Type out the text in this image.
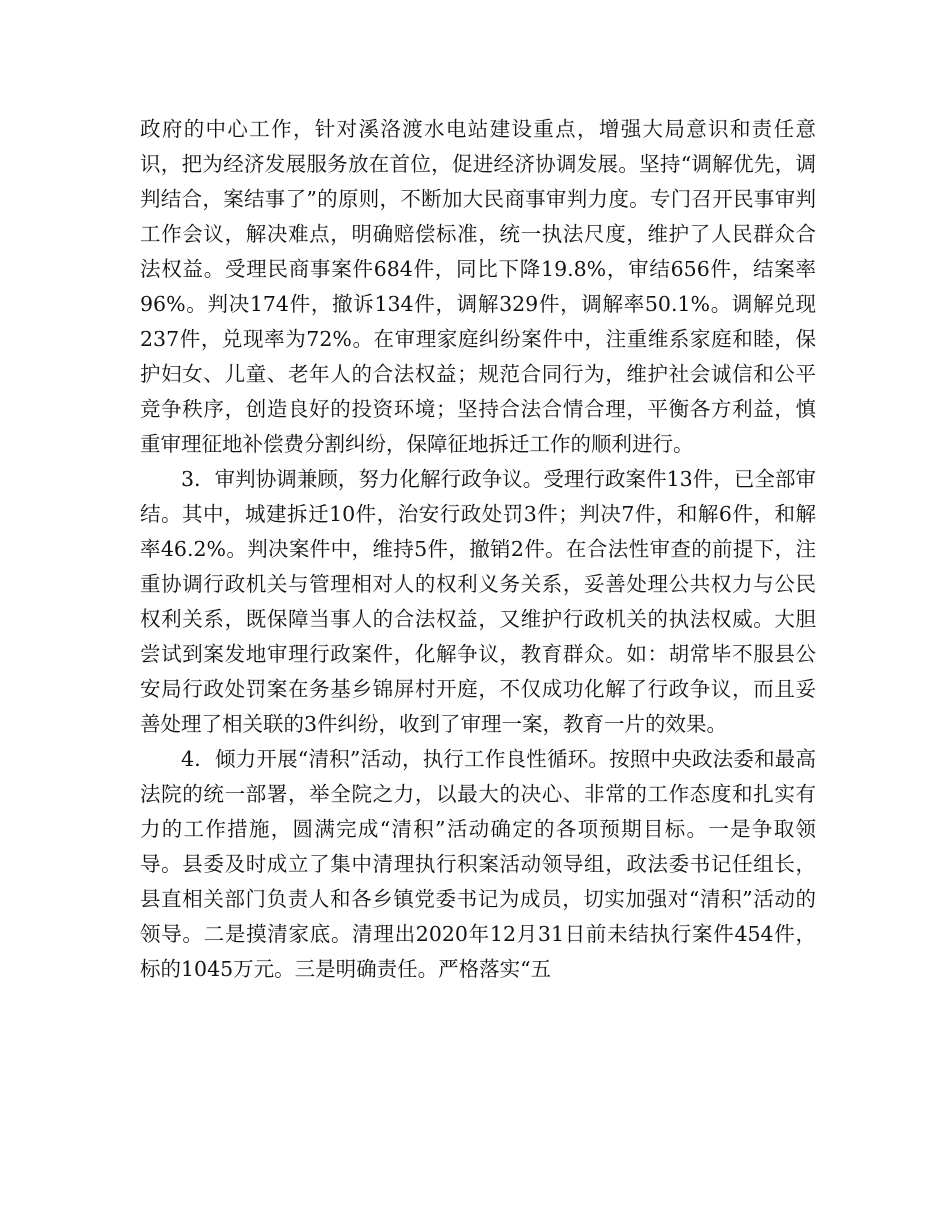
政府的中心工作，针对溪洛渡水电站建设重点，增强大局意识和责任意识，把为经济发展服务放在首位，促进经济协调发展。坚持“调解优先，调判结合，案结事了”的原则，不断加大民商事审判力度。专门召开民事审判工作会议，解决难点，明确赔偿标准，统一执法尺度，维护了人民群众合法权益。受理民商事案件684件，同比下降19.8%，审结656件，结案率96%。判决174件，撤诉134件，调解329件，调解率50.1%。调解兑现237件，兑现率为72%。在审理家庭纠纷案件中，注重维系家庭和睦，保护妇女、儿童、老年人的合法权益；规范合同行为，维护社会诚信和公平竞争秩序，创造良好的投资环境；坚持合法合情合理，平衡各方利益，慎重审理征地补偿费分割纠纷，保障征地拆迁工作的顺利进行。

3．审判协调兼顾，努力化解行政争议。受理行政案件13件，已全部审结。其中，城建拆迁10件，治安行政处罚3件；判决7件，和解6件，和解率46.2%。判决案件中，维持5件，撤销2件。在合法性审查的前提下，注重协调行政机关与管理相对人的权利义务关系，妥善处理公共权力与公民权利关系，既保障当事人的合法权益，又维护行政机关的执法权威。大胆尝试到案发地审理行政案件，化解争议，教育群众。如：胡常毕不服县公安局行政处罚案在务基乡锦屏村开庭，不仅成功化解了行政争议，而且妥善处理了相关联的3件纠纷，收到了审理一案，教育一片的效果。

4．倾力开展“清积”活动，执行工作良性循环。按照中央政法委和最高法院的统一部署，举全院之力，以最大的决心、非常的工作态度和扎实有力的工作措施，圆满完成“清积”活动确定的各项预期目标。一是争取领导。县委及时成立了集中清理执行积案活动领导组，政法委书记任组长，县直相关部门负责人和各乡镇党委书记为成员，切实加强对“清积”活动的领导。二是摸清家底。清理出2020年12月31日前未结执行案件454件，标的1045万元。三是明确责任。严格落实“五
